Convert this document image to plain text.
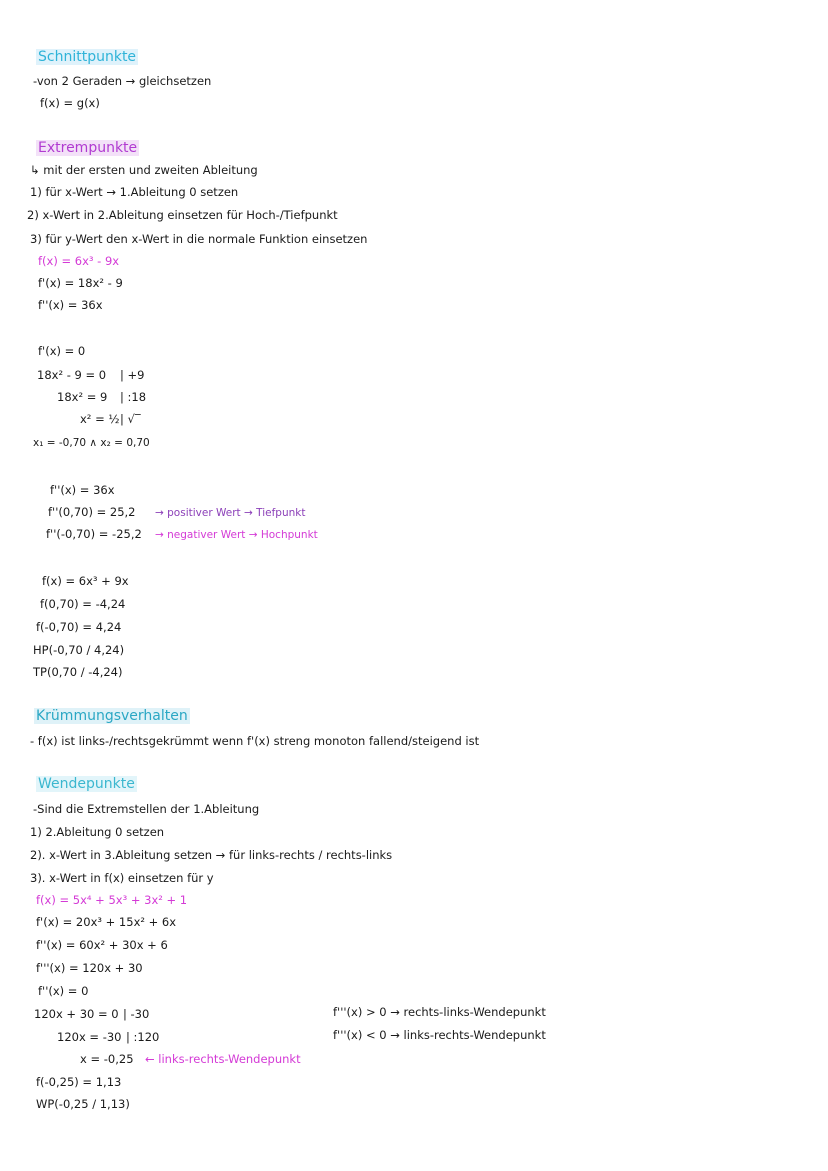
Schnittpunkte
-von 2 Geraden → gleichsetzen
f(x) = g(x)
Extrempunkte
↳ mit der ersten und zweiten Ableitung
1) für x-Wert → 1.Ableitung 0 setzen
2) x-Wert in 2.Ableitung einsetzen für Hoch-/Tiefpunkt
3) für y-Wert den x-Wert in die normale Funktion einsetzen
f(x) = 6x³ - 9x
f'(x) = 18x² - 9
f''(x) = 36x
f'(x) = 0
18x² - 9 = 0 | +9
18x² = 9 | :18
x² = ½ | √‾
x₁ = -0,70 ∧ x₂ = 0,70
f''(x) = 36x
f''(0,70) = 25,2 → positiver Wert → Tiefpunkt
f''(-0,70) = -25,2 → negativer Wert → Hochpunkt
f(x) = 6x³ + 9x
f(0,70) = -4,24
f(-0,70) = 4,24
HP(-0,70 / 4,24)
TP(0,70 / -4,24)
Krümmungsverhalten
- f(x) ist links-/rechtsgekrümmt wenn f'(x) streng monoton fallend/steigend ist
Wendepunkte
-Sind die Extremstellen der 1.Ableitung
1) 2.Ableitung 0 setzen
2). x-Wert in 3.Ableitung setzen → für links-rechts / rechts-links
3). x-Wert in f(x) einsetzen für y
f(x) = 5x⁴ + 5x³ + 3x² + 1
f'(x) = 20x³ + 15x² + 6x
f''(x) = 60x² + 30x + 6
f'''(x) = 120x + 30
f''(x) = 0
120x + 30 = 0 | -30
120x = -30 | :120
x = -0,25 ← links-rechts-Wendepunkt
f(-0,25) = 1,13
WP(-0,25 / 1,13)
f'''(x) > 0 → rechts-links-Wendepunkt
f'''(x) < 0 → links-rechts-Wendepunkt
